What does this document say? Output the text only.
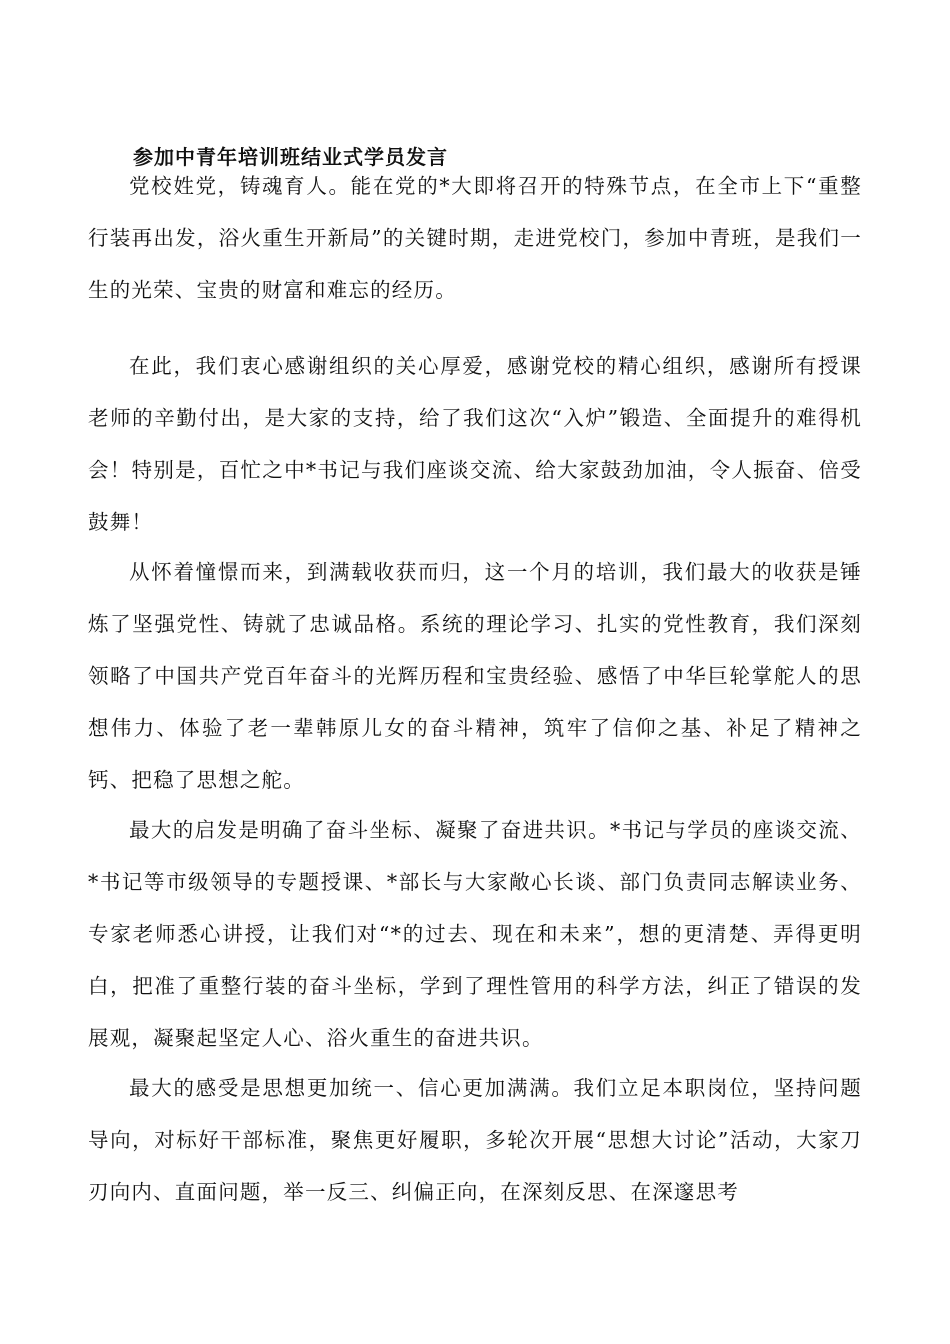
参加中青年培训班结业式学员发言

党校姓党，铸魂育人。能在党的*大即将召开的特殊节点，在全市上下“重整行装再出发，浴火重生开新局”的关键时期，走进党校门，参加中青班，是我们一生的光荣、宝贵的财富和难忘的经历。

在此，我们衷心感谢组织的关心厚爱，感谢党校的精心组织，感谢所有授课老师的辛勤付出，是大家的支持，给了我们这次“入炉”锻造、全面提升的难得机会！特别是，百忙之中*书记与我们座谈交流、给大家鼓劲加油，令人振奋、倍受鼓舞！

从怀着憧憬而来，到满载收获而归，这一个月的培训，我们最大的收获是锤炼了坚强党性、铸就了忠诚品格。系统的理论学习、扎实的党性教育，我们深刻领略了中国共产党百年奋斗的光辉历程和宝贵经验、感悟了中华巨轮掌舵人的思想伟力、体验了老一辈韩原儿女的奋斗精神，筑牢了信仰之基、补足了精神之钙、把稳了思想之舵。

最大的启发是明确了奋斗坐标、凝聚了奋进共识。*书记与学员的座谈交流、*书记等市级领导的专题授课、*部长与大家敞心长谈、部门负责同志解读业务、专家老师悉心讲授，让我们对“*的过去、现在和未来”，想的更清楚、弄得更明白，把准了重整行装的奋斗坐标，学到了理性管用的科学方法，纠正了错误的发展观，凝聚起坚定人心、浴火重生的奋进共识。

最大的感受是思想更加统一、信心更加满满。我们立足本职岗位，坚持问题导向，对标好干部标准，聚焦更好履职，多轮次开展“思想大讨论”活动，大家刀刃向内、直面问题，举一反三、纠偏正向，在深刻反思、在深邃思考
